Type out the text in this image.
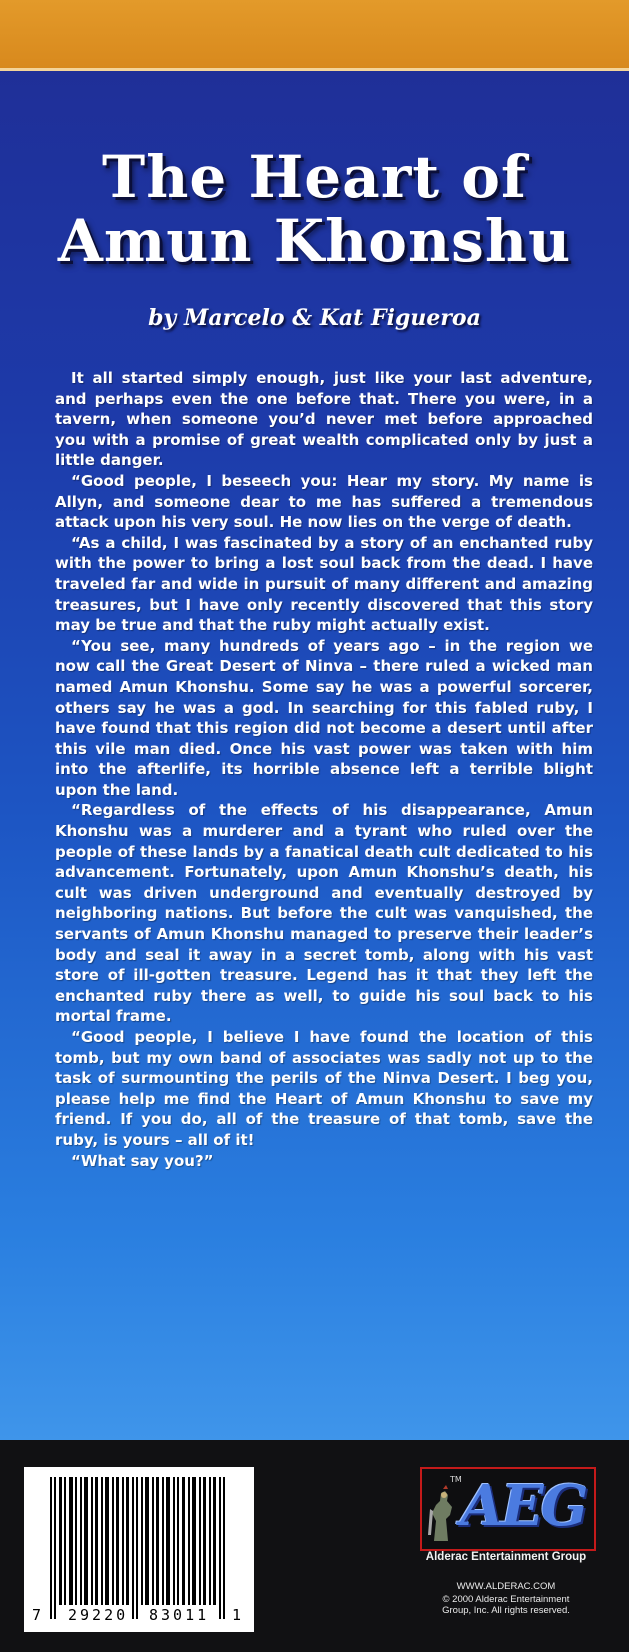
The Heart of
Amun Khonshu
by Marcelo & Kat Figueroa

It all started simply enough, just like your last adventure, and perhaps even the one before that. There you were, in a tavern, when someone you’d never met before approached you with a promise of great wealth complicated only by just a little danger.

“Good people, I beseech you: Hear my story. My name is Allyn, and someone dear to me has suffered a tremendous attack upon his very soul. He now lies on the verge of death.

“As a child, I was fascinated by a story of an enchanted ruby with the power to bring a lost soul back from the dead. I have traveled far and wide in pursuit of many different and amazing treasures, but I have only recently discovered that this story may be true and that the ruby might actually exist.

“You see, many hundreds of years ago – in the region we now call the Great Desert of Ninva – there ruled a wicked man named Amun Khonshu. Some say he was a powerful sorcerer, others say he was a god. In searching for this fabled ruby, I have found that this region did not become a desert until after this vile man died. Once his vast power was taken with him into the afterlife, its horrible absence left a terrible blight upon the land.

“Regardless of the effects of his disappearance, Amun Khonshu was a murderer and a tyrant who ruled over the people of these lands by a fanatical death cult dedicated to his advancement. Fortunately, upon Amun Khonshu’s death, his cult was driven underground and eventually destroyed by neighboring nations. But before the cult was vanquished, the servants of Amun Khonshu managed to preserve their leader’s body and seal it away in a secret tomb, along with his vast store of ill-gotten treasure. Legend has it that they left the enchanted ruby there as well, to guide his soul back to his mortal frame.

“Good people, I believe I have found the location of this tomb, but my own band of associates was sadly not up to the task of surmounting the perils of the Ninva Desert. I beg you, please help me find the Heart of Amun Khonshu to save my friend. If you do, all of the treasure of that tomb, save the ruby, is yours – all of it!

“What say you?”

7 29220 83011 1
TM
AEG
Alderac Entertainment Group
WWW.ALDERAC.COM
© 2000 Alderac Entertainment
Group, Inc. All rights reserved.
